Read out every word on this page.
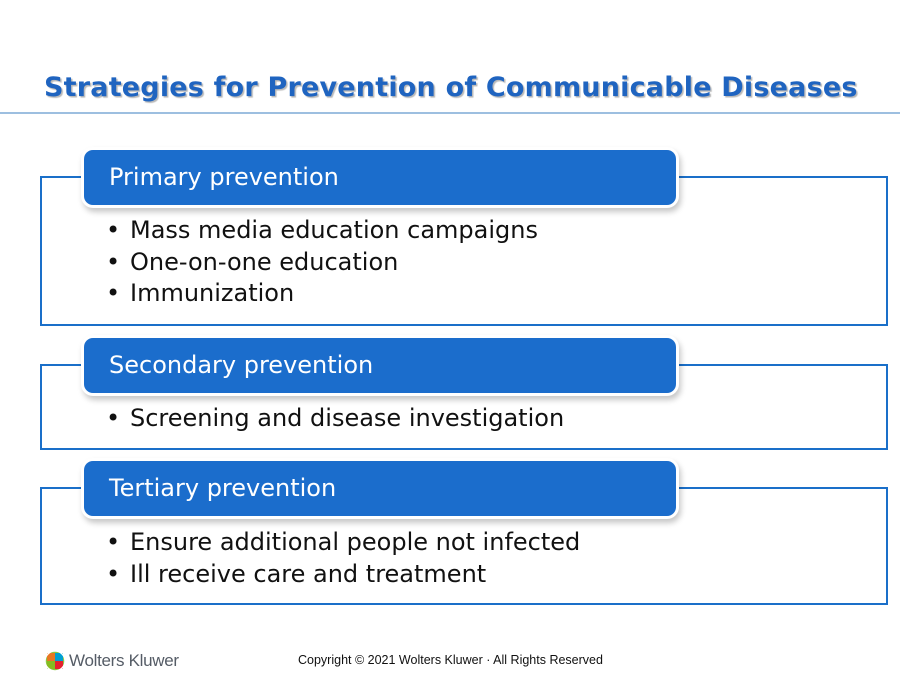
Strategies for Prevention of Communicable Diseases
Primary prevention
• Mass media education campaigns
• One-on-one education
• Immunization
Secondary prevention
• Screening and disease investigation
Tertiary prevention
• Ensure additional people not infected
• Ill receive care and treatment
Wolters Kluwer	Copyright © 2021 Wolters Kluwer · All Rights Reserved
